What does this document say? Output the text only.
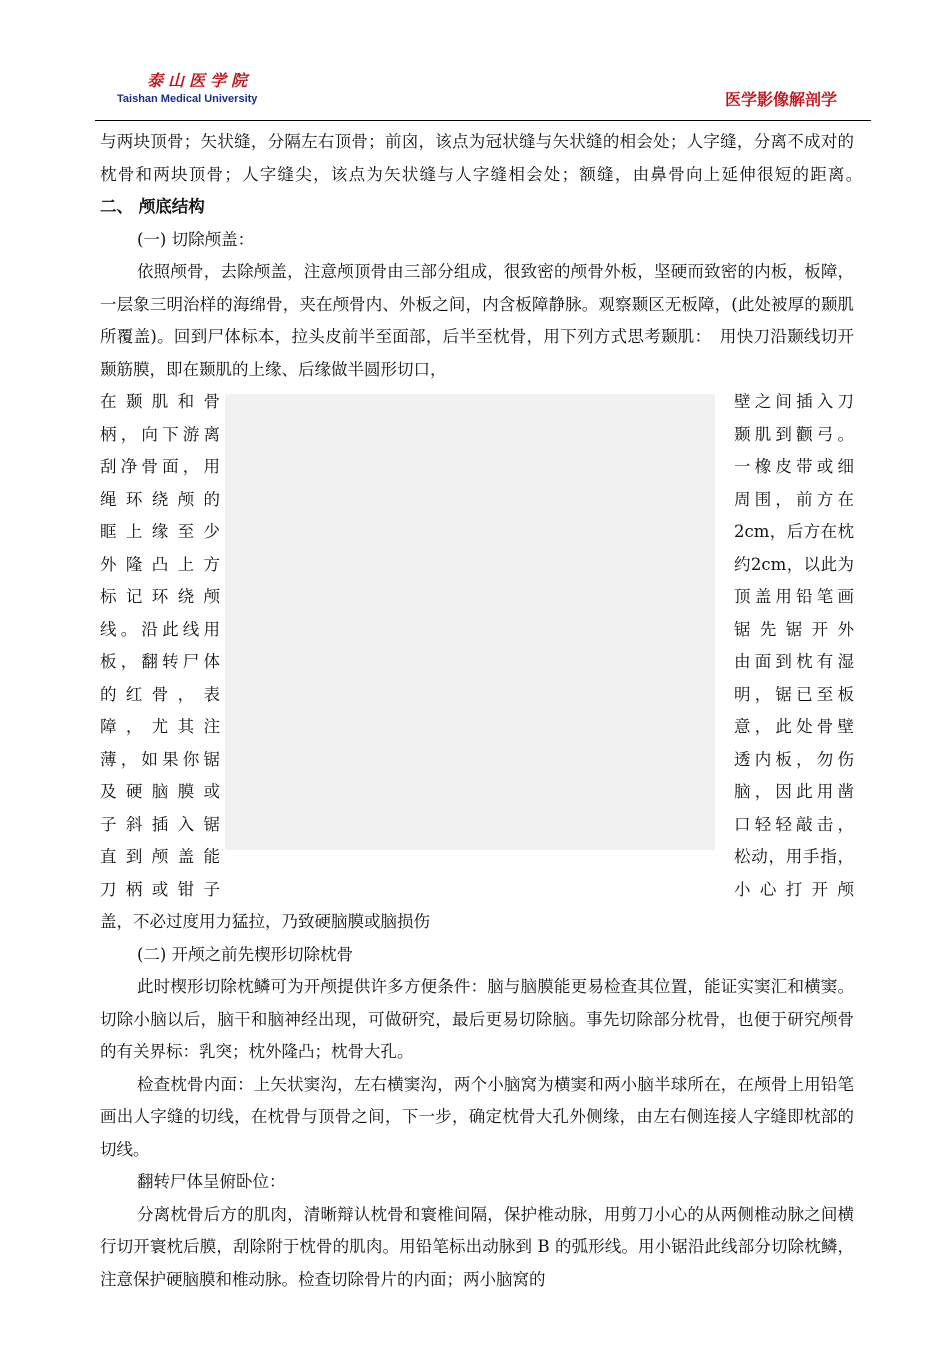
泰山医学院
Taishan Medical University	医学影像解剖学

与两块顶骨；矢状缝，分隔左右顶骨；前囟，该点为冠状缝与矢状缝的相会处；人字缝，分离不成对的枕骨和两块顶骨；人字缝尖，该点为矢状缝与人字缝相会处；额缝，由鼻骨向上延伸很短的距离。　　二、 颅底结构

(一) 切除颅盖：

依照颅骨，去除颅盖，注意颅顶骨由三部分组成，很致密的颅骨外板，坚硬而致密的内板，板障，一层象三明治样的海绵骨，夹在颅骨内、外板之间，内含板障静脉。观察颞区无板障，(此处被厚的颞肌所覆盖)。回到尸体标本，拉头皮前半至面部，后半至枕骨，用下列方式思考颞肌：　用快刀沿颞线切开颞筋膜，即在颞肌的上缘、后缘做半圆形切口，

在颞肌和骨
柄，向下游离
刮净骨面，用
绳环绕颅的
眶上缘至少
外隆凸上方
标记环绕颅
线。沿此线用
板，翻转尸体
的红骨，表
障，尤其注
薄，如果你锯
及硬脑膜或
子斜插入锯
直到颅盖能
刀柄或钳子
壁之间插入刀
颞肌到颧弓。
一橡皮带或细
周围，前方在
2cm，后方在枕
约2cm，以此为
顶盖用铅笔画
锯先锯开外
由面到枕有湿
明，锯已至板
意，此处骨壁
透内板，勿伤
脑，因此用凿
口轻轻敲击，
松动，用手指，
小心打开颅

盖，不必过度用力猛拉，乃致硬脑膜或脑损伤

(二) 开颅之前先楔形切除枕骨

此时楔形切除枕鳞可为开颅提供许多方便条件：脑与脑膜能更易检查其位置，能证实窦汇和横窦。切除小脑以后，脑干和脑神经出现，可做研究，最后更易切除脑。事先切除部分枕骨，也便于研究颅骨的有关界标：乳突；枕外隆凸；枕骨大孔。

检查枕骨内面：上矢状窦沟，左右横窦沟，两个小脑窝为横窦和两小脑半球所在，在颅骨上用铅笔画出人字缝的切线，在枕骨与顶骨之间，下一步，确定枕骨大孔外侧缘，由左右侧连接人字缝即枕部的切线。

翻转尸体呈俯卧位：

分离枕骨后方的肌肉，清晰辩认枕骨和寰椎间隔，保护椎动脉，用剪刀小心的从两侧椎动脉之间横行切开寰枕后膜，刮除附于枕骨的肌肉。用铅笔标出动脉到 B 的弧形线。用小锯沿此线部分切除枕鳞，注意保护硬脑膜和椎动脉。检查切除骨片的内面；两小脑窝的
